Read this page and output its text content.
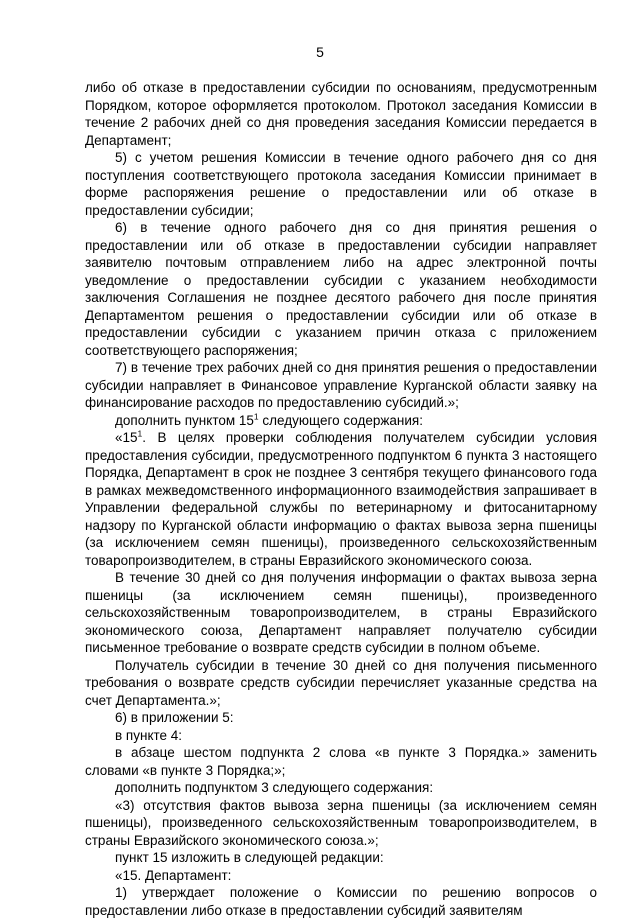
5

либо об отказе в предоставлении субсидии по основаниям, предусмотренным Порядком, которое оформляется протоколом. Протокол заседания Комиссии в течение 2 рабочих дней со дня проведения заседания Комиссии передается в Департамент;

5) с учетом решения Комиссии в течение одного рабочего дня со дня поступления соответствующего протокола заседания Комиссии принимает в форме распоряжения решение о предоставлении или об отказе в предоставлении субсидии;

6) в течение одного рабочего дня со дня принятия решения о предоставлении или об отказе в предоставлении субсидии направляет заявителю почтовым отправлением либо на адрес электронной почты уведомление о предоставлении субсидии с указанием необходимости заключения Соглашения не позднее десятого рабочего дня после принятия Департаментом решения о предоставлении субсидии или об отказе в предоставлении субсидии с указанием причин отказа с приложением соответствующего распоряжения;

7) в течение трех рабочих дней со дня принятия решения о предоставлении субсидии направляет в Финансовое управление Курганской области заявку на финансирование расходов по предоставлению субсидий.»;

дополнить пунктом $15^1$ следующего содержания:

«$15^1$. В целях проверки соблюдения получателем субсидии условия предоставления субсидии, предусмотренного подпунктом 6 пункта 3 настоящего Порядка, Департамент в срок не позднее 3 сентября текущего финансового года в рамках межведомственного информационного взаимодействия запрашивает в Управлении федеральной службы по ветеринарному и фитосанитарному надзору по Курганской области информацию о фактах вывоза зерна пшеницы (за исключением семян пшеницы), произведенного сельскохозяйственным товаропроизводителем, в страны Евразийского экономического союза.

В течение 30 дней со дня получения информации о фактах вывоза зерна пшеницы (за исключением семян пшеницы), произведенного сельскохозяйственным товаропроизводителем, в страны Евразийского экономического союза, Департамент направляет получателю субсидии письменное требование о возврате средств субсидии в полном объеме.

Получатель субсидии в течение 30 дней со дня получения письменного требования о возврате средств субсидии перечисляет указанные средства на счет Департамента.»;

6) в приложении 5:

в пункте 4:

в абзаце шестом подпункта 2 слова «в пункте 3 Порядка.» заменить словами «в пункте 3 Порядка;»;

дополнить подпунктом 3 следующего содержания:

«3) отсутствия фактов вывоза зерна пшеницы (за исключением семян пшеницы), произведенного сельскохозяйственным товаропроизводителем, в страны Евразийского экономического союза.»;

пункт 15 изложить в следующей редакции:

«15. Департамент:

1) утверждает положение о Комиссии по решению вопросов о предоставлении либо отказе в предоставлении субсидий заявителям
